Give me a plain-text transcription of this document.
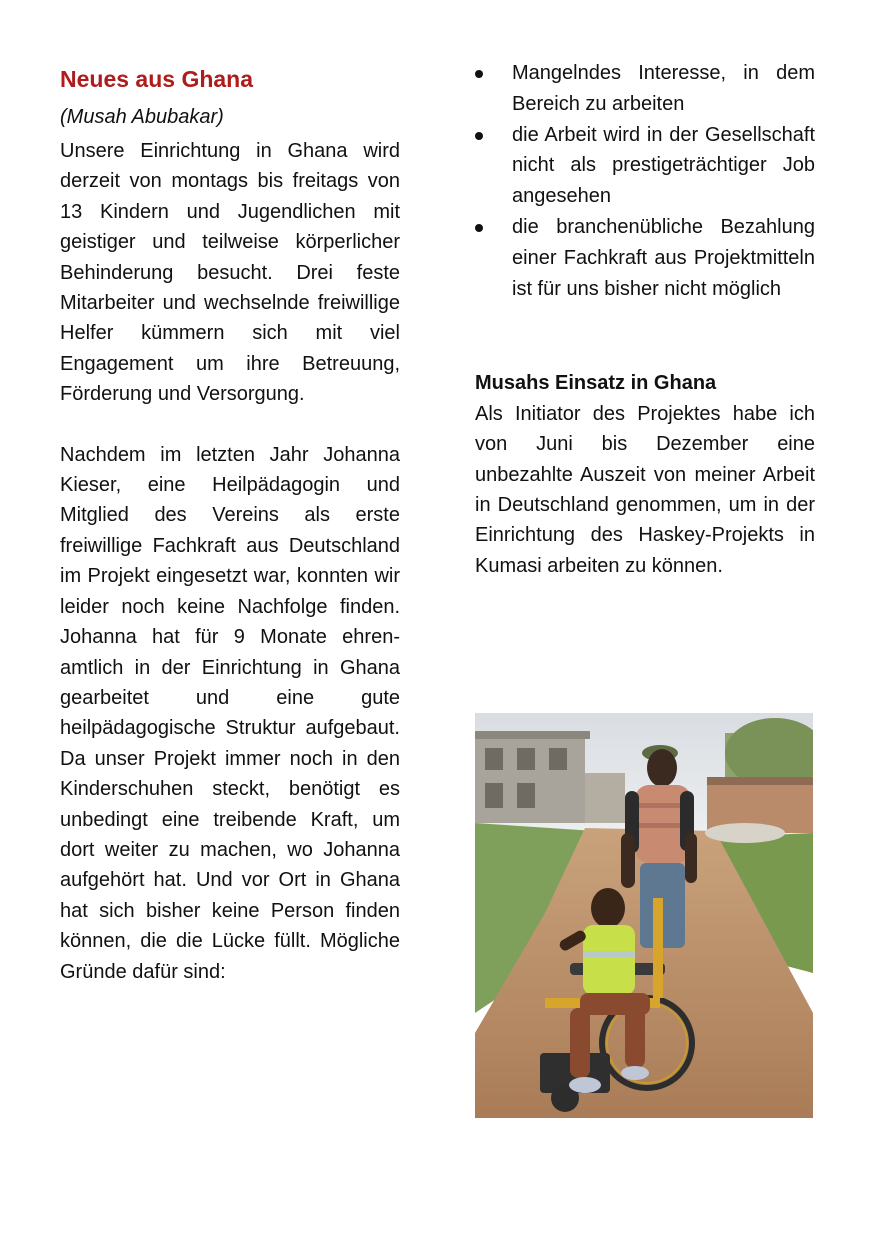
Neues aus Ghana

(Musah Abubakar)

Unsere Einrichtung in Ghana wird derzeit von montags bis freitags von 13 Kindern und Jugendlichen mit geistiger und teilweise körperlicher Behinderung besucht. Drei feste Mitarbeiter und wechselnde freiwillige Helfer kümmern sich mit viel Engagement um ihre Betreuung, Förderung und Versorgung.

Nachdem im letzten Jahr Johanna Kieser, eine Heilpädagogin und Mitglied des Vereins als erste freiwillige Fachkraft aus Deutschland im Projekt eingesetzt war, konnten wir leider noch keine Nachfolge finden. Johanna hat für 9 Monate ehrenamtlich in der Einrichtung in Ghana gearbeitet und eine gute heilpädagogische Struktur aufgebaut. Da unser Projekt immer noch in den Kinderschuhen steckt, benötigt es unbedingt eine treibende Kraft, um dort weiter zu machen, wo Johanna aufgehört hat. Und vor Ort in Ghana hat sich bisher keine Person finden können, die die Lücke füllt. Mögliche Gründe dafür sind:

Mangelndes Interesse, in dem Bereich zu arbeiten
die Arbeit wird in der Gesellschaft nicht als prestigeträchtiger Job angesehen
die branchenübliche Bezahlung einer Fachkraft aus Projektmitteln ist für uns bisher nicht möglich
Musahs Einsatz in Ghana

Als Initiator des Projektes habe ich von Juni bis Dezember eine unbezahlte Auszeit von meiner Arbeit in Deutschland genommen, um in der Einrichtung des Haskey-Projekts in Kumasi arbeiten zu können.
